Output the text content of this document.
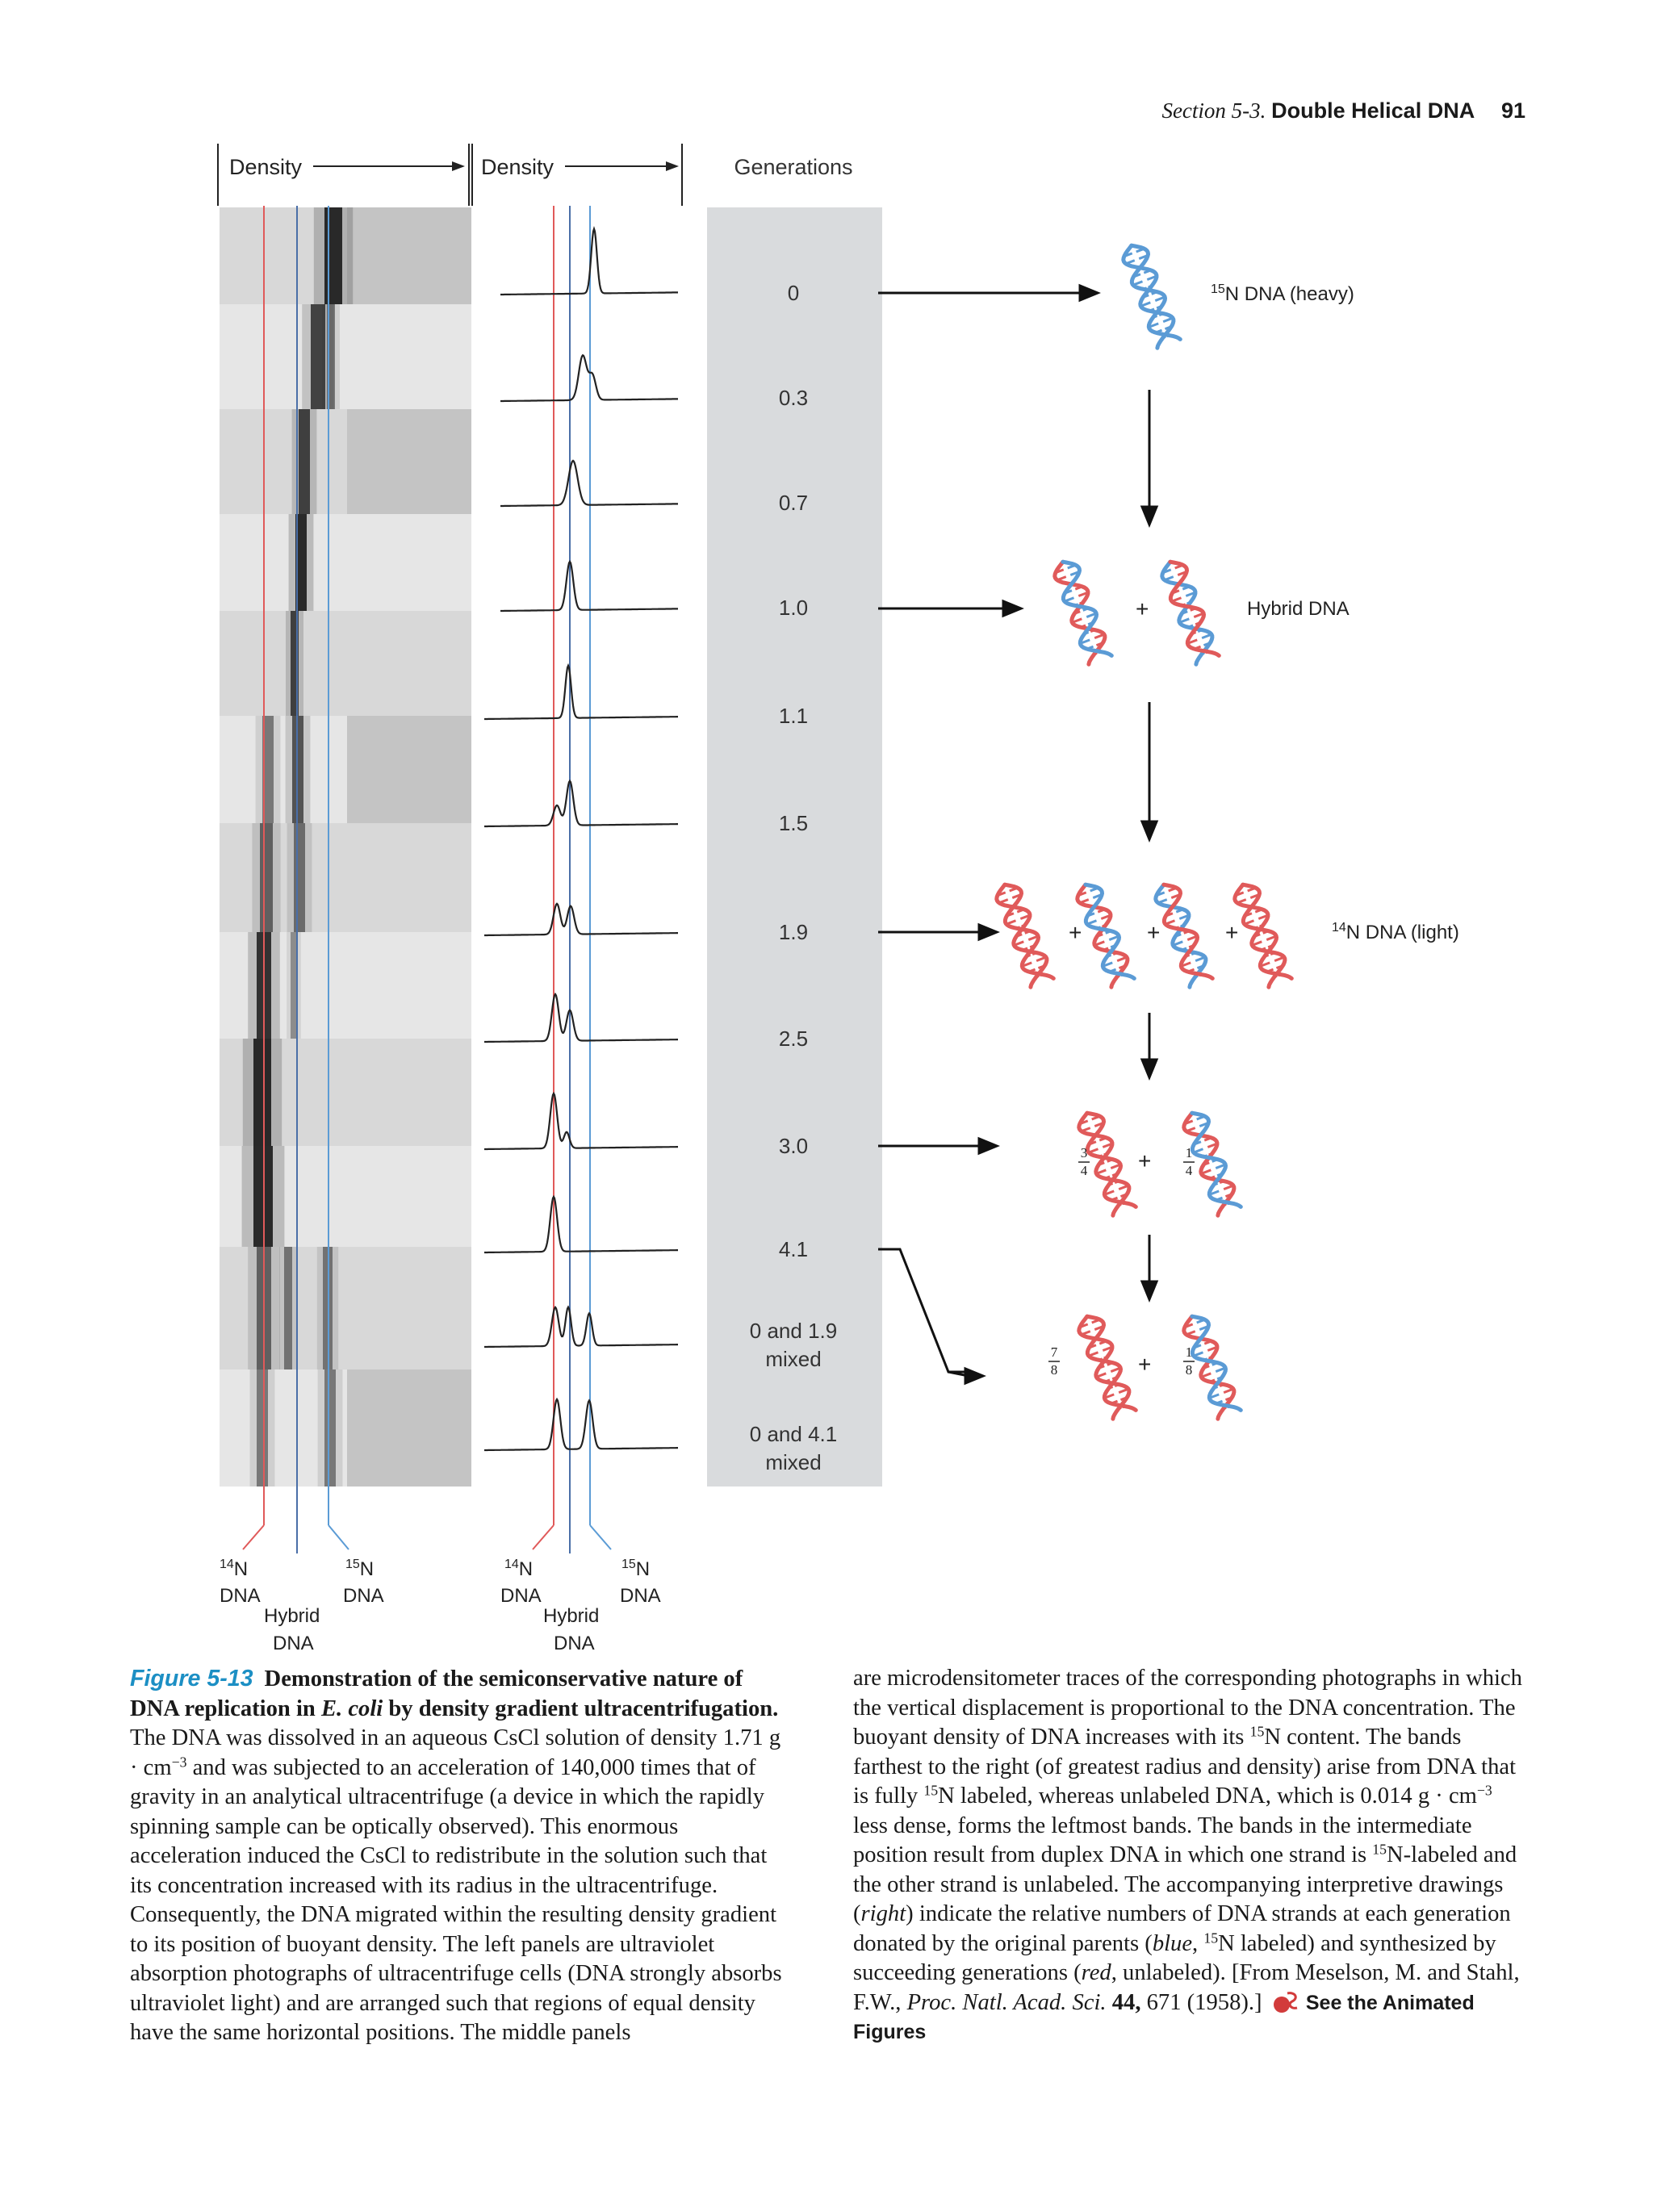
Section 5-3. Double Helical DNA 91
Density	Density	Generations
0
0.3
0.7
1.0
1.1
1.5
1.9
2.5
3.0
4.1
0 and 1.9
mixed
0 and 4.1
mixed
$^{14}$N
DNA
$^{15}$N
DNA
Hybrid
DNA
$^{14}$N
DNA
$^{15}$N
DNA
Hybrid
DNA
$^{15}$N DNA (heavy)
Hybrid DNA
$^{14}$N DNA (light)
+
+	+	+
+
+
3
4
1
4
7
8
1
8
Figure 5-13 Demonstration of the semiconservative nature of DNA replication in E. coli by density gradient ultracentrifugation. The DNA was dissolved in an aqueous CsCl solution of density 1.71 $g \cdot cm^{-3}$ and was subjected to an acceleration of 140,000 times that of gravity in an analytical ultracentrifuge (a device in which the rapidly spinning sample can be optically observed). This enormous acceleration induced the CsCl to redistribute in the solution such that its concentration increased with its radius in the ultracentrifuge. Consequently, the DNA migrated within the resulting density gradient to its position of buoyant density. The left panels are ultraviolet absorption photographs of ultracentrifuge cells (DNA strongly absorbs ultraviolet light) and are arranged such that regions of equal density have the same horizontal positions. The middle panels
are microdensitometer traces of the corresponding photographs in which the vertical displacement is proportional to the DNA concentration. The buoyant density of DNA increases with its $^{15}$N content. The bands farthest to the right (of greatest radius and density) arise from DNA that is fully $^{15}$N labeled, whereas unlabeled DNA, which is 0.014 $g \cdot cm^{-3}$ less dense, forms the leftmost bands. The bands in the intermediate position result from duplex DNA in which one strand is $^{15}$N-labeled and the other strand is unlabeled. The accompanying interpretive drawings (right) indicate the relative numbers of DNA strands at each generation donated by the original parents (blue, $^{15}$N labeled) and synthesized by succeeding generations (red, unlabeled). [From Meselson, M. and Stahl, F.W., Proc. Natl. Acad. Sci. 44, 671 (1958).] See the Animated Figures
